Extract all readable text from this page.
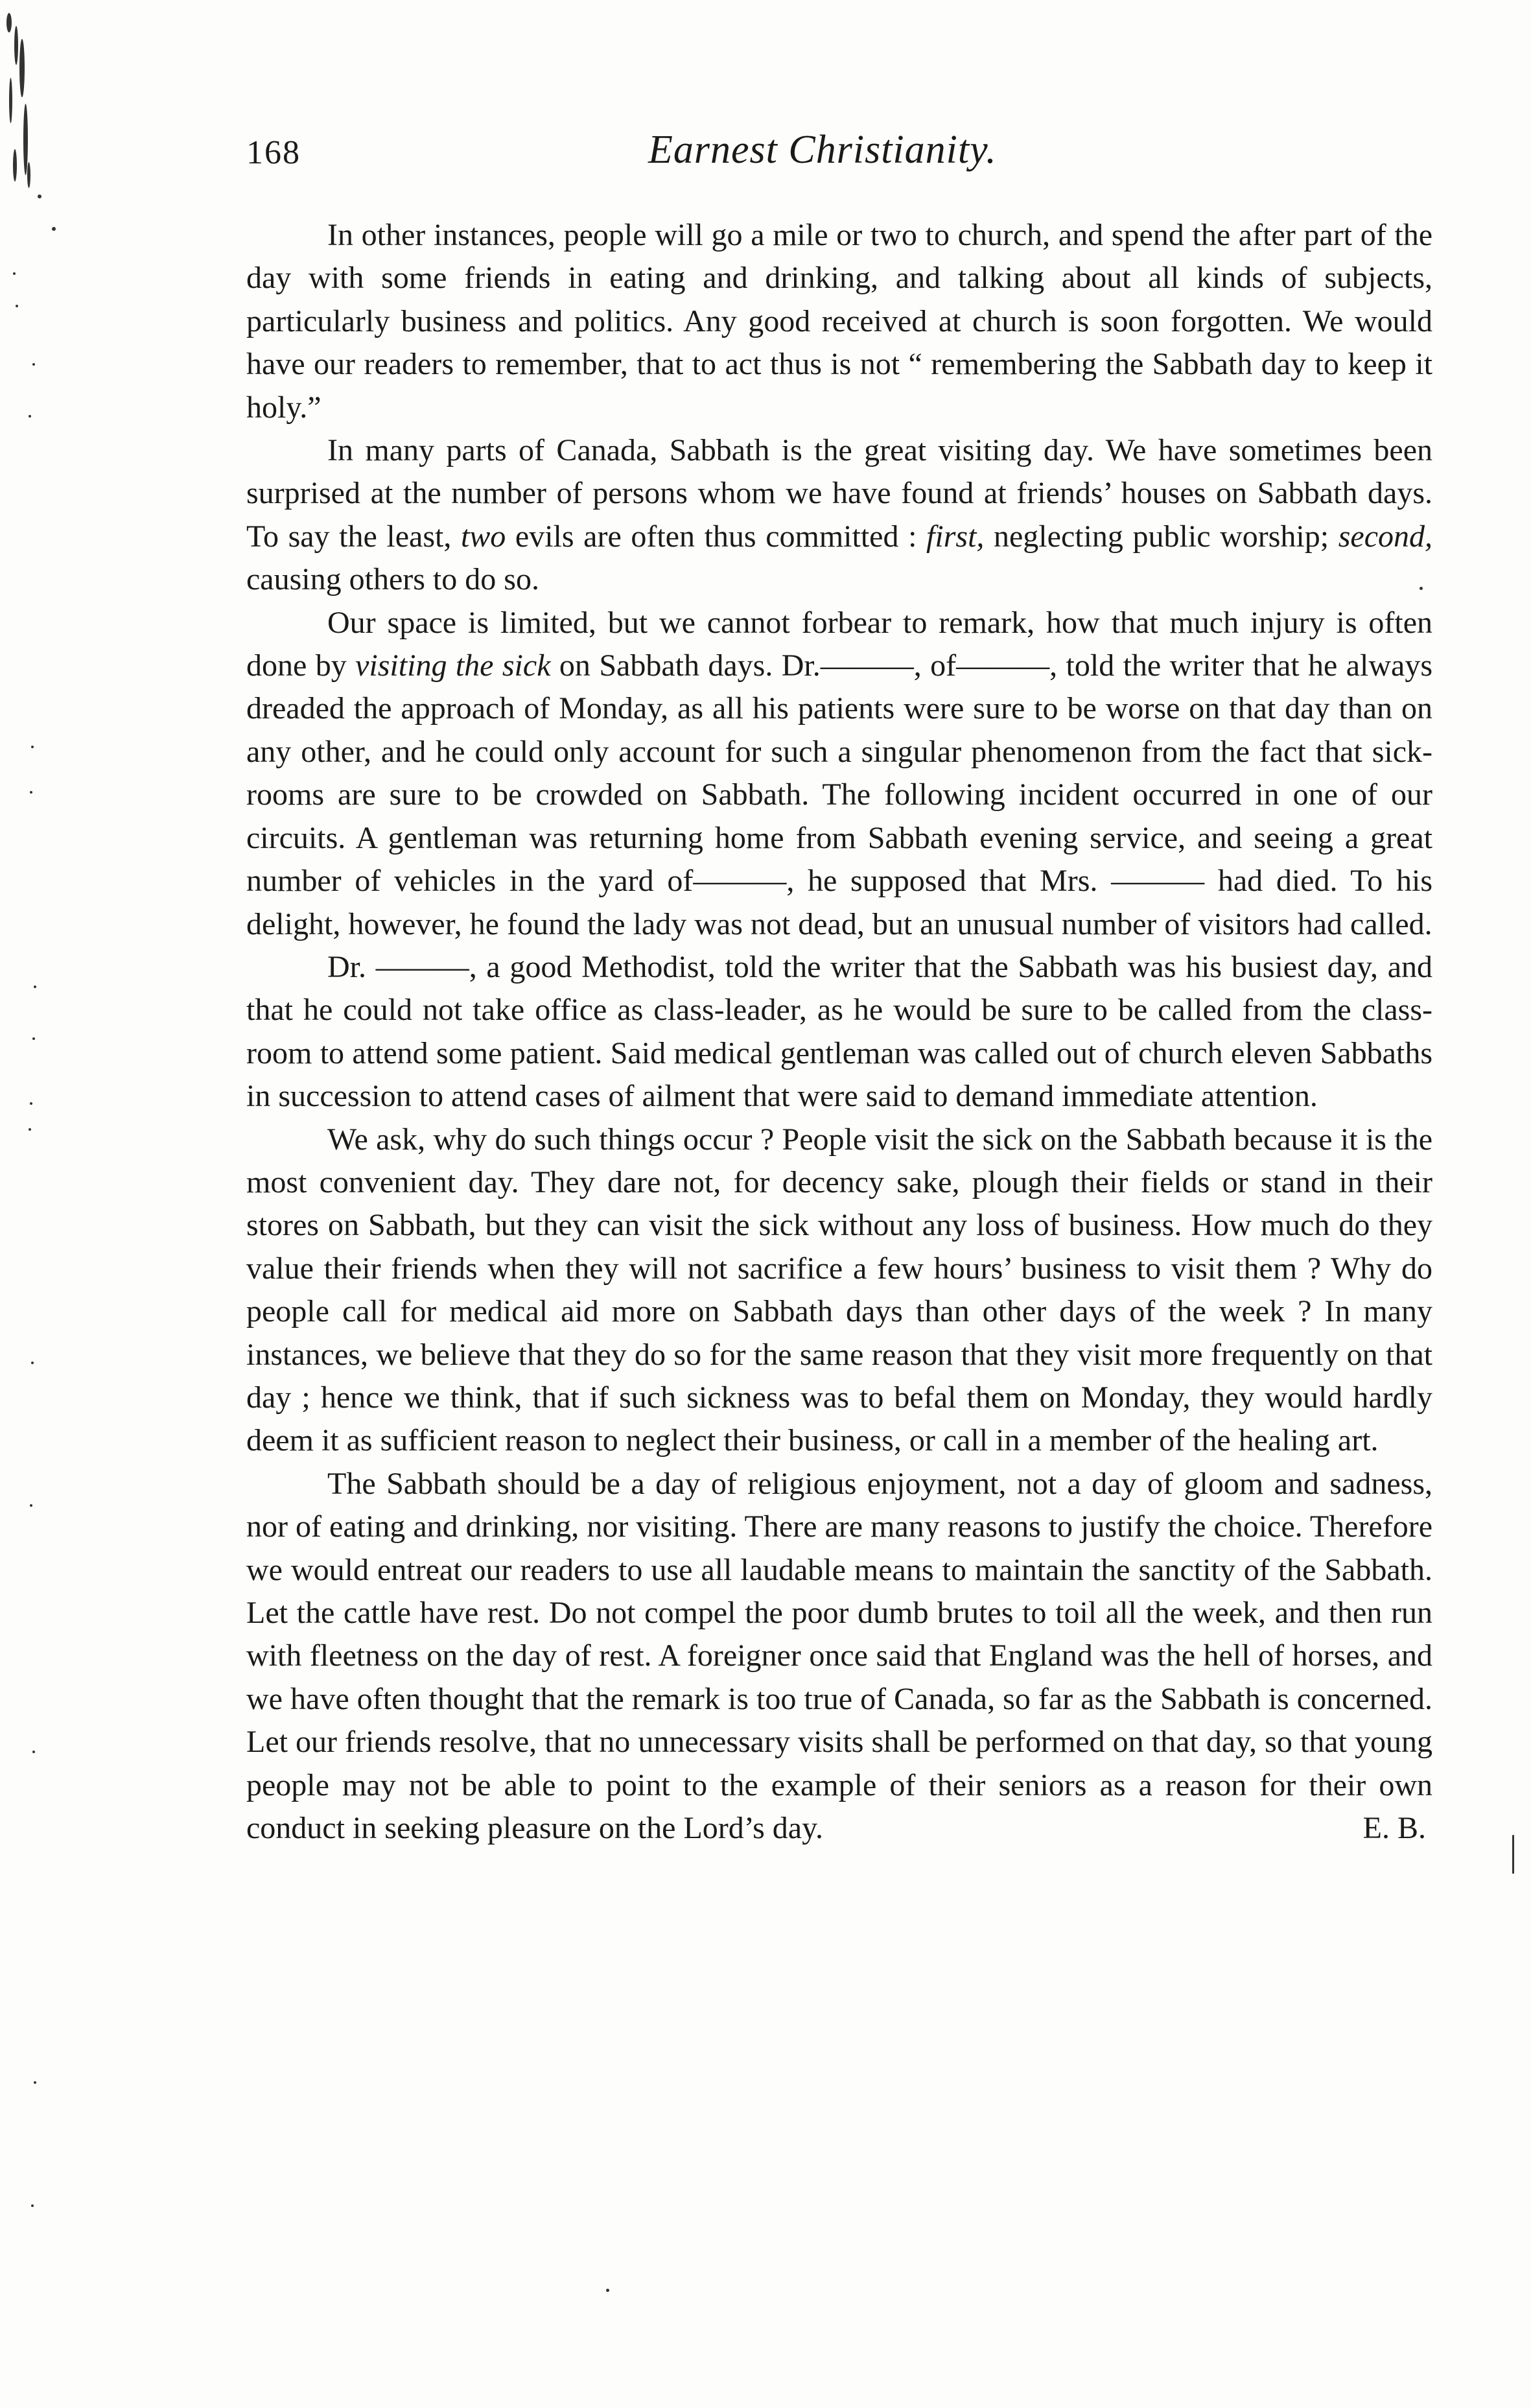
168	Earnest Christianity.

In other instances, people will go a mile or two to church, and spend the after part of the day with some friends in eating and drinking, and talking about all kinds of subjects, particularly business and politics. Any good received at church is soon forgotten. We would have our readers to remember, that to act thus is not “ remembering the Sabbath day to keep it holy.”

In many parts of Canada, Sabbath is the great visiting day. We have sometimes been surprised at the number of persons whom we have found at friends’ houses on Sabbath days. To say the least, two evils are often thus committed : first, neglecting public worship; second, causing others to do so.

Our space is limited, but we cannot forbear to remark, how that much injury is often done by visiting the sick on Sabbath days. Dr.———, of———, told the writer that he always dreaded the approach of Monday, as all his patients were sure to be worse on that day than on any other, and he could only account for such a singular phenomenon from the fact that sick-rooms are sure to be crowded on Sabbath. The following incident occurred in one of our circuits. A gentleman was returning home from Sabbath evening service, and seeing a great number of vehicles in the yard of———, he supposed that Mrs. ——— had died. To his delight, however, he found the lady was not dead, but an unusual number of visitors had called.

Dr. ———, a good Methodist, told the writer that the Sabbath was his busiest day, and that he could not take office as class-leader, as he would be sure to be called from the class-room to attend some patient. Said medical gentleman was called out of church eleven Sabbaths in succession to attend cases of ailment that were said to demand immediate attention.

We ask, why do such things occur ? People visit the sick on the Sabbath because it is the most convenient day. They dare not, for decency sake, plough their fields or stand in their stores on Sabbath, but they can visit the sick without any loss of business. How much do they value their friends when they will not sacrifice a few hours’ business to visit them ? Why do people call for medical aid more on Sabbath days than other days of the week ? In many instances, we believe that they do so for the same reason that they visit more frequently on that day ; hence we think, that if such sickness was to befal them on Monday, they would hardly deem it as sufficient reason to neglect their business, or call in a member of the healing art.

The Sabbath should be a day of religious enjoyment, not a day of gloom and sadness, nor of eating and drinking, nor visiting. There are many reasons to justify the choice. Therefore we would entreat our readers to use all laudable means to maintain the sanctity of the Sabbath. Let the cattle have rest. Do not compel the poor dumb brutes to toil all the week, and then run with fleetness on the day of rest. A foreigner once said that England was the hell of horses, and we have often thought that the remark is too true of Canada, so far as the Sabbath is concerned. Let our friends resolve, that no unnecessary visits shall be performed on that day, so that young people may not be able to point to the example of their seniors as a reason for their own conduct in seeking pleasure on the Lord’s day.	E. B.
